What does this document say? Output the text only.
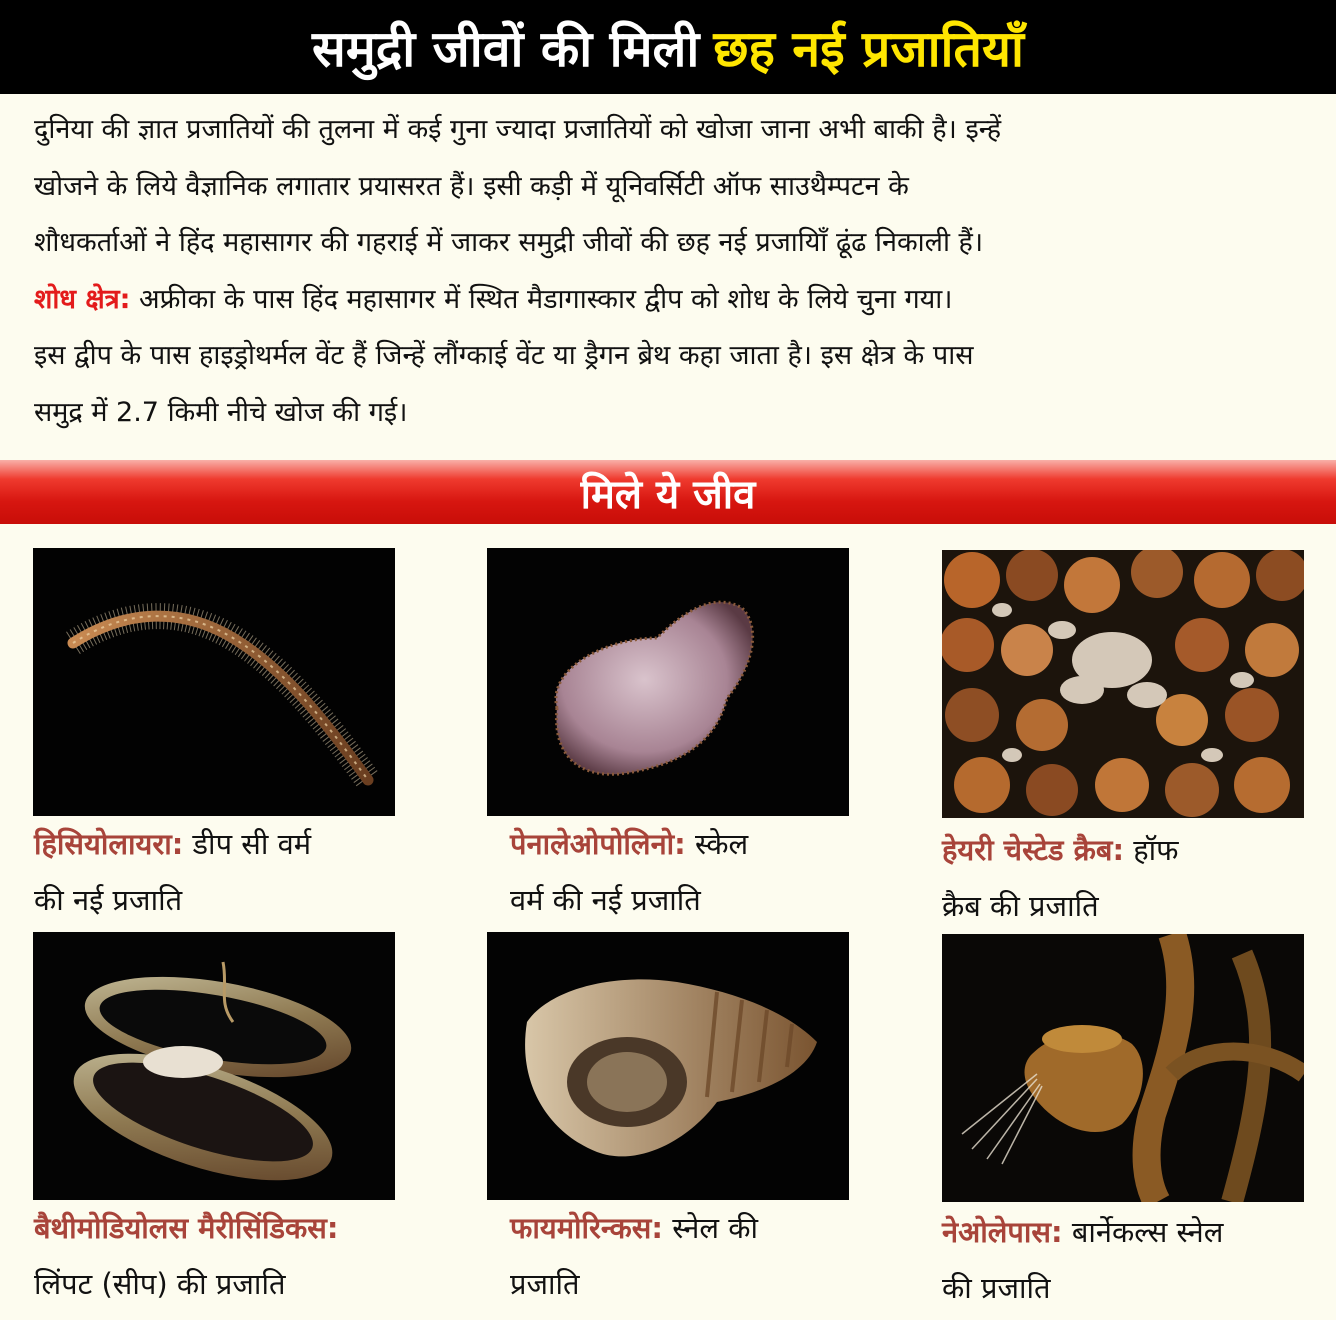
समुद्री जीवों की मिली छह नई प्रजातियाँ
दुनिया की ज्ञात प्रजातियों की तुलना में कई गुना ज्यादा प्रजातियों को खोजा जाना अभी बाकी है। इन्हें
खोजने के लिये वैज्ञानिक लगातार प्रयासरत हैं। इसी कड़ी में यूनिवर्सिटी ऑफ साउथैम्पटन के
शौधकर्ताओं ने हिंद महासागर की गहराई में जाकर समुद्री जीवों की छह नई प्रजायिाँ ढूंढ निकाली हैं।
शोध क्षेत्र: अफ्रीका के पास हिंद महासागर में स्थित मैडागास्कार द्वीप को शोध के लिये चुना गया।
इस द्वीप के पास हाइड्रोथर्मल वेंट हैं जिन्हें लौंग्काई वेंट या ड्रैगन ब्रेथ कहा जाता है। इस क्षेत्र के पास
समुद्र में 2.7 किमी नीचे खोज की गई।
मिले ये जीव
हिसियोलायरा: डीप सी वर्म
की नई प्रजाति
पेनालेओपोलिनो: स्केल
वर्म की नई प्रजाति
हेयरी चेस्टेड क्रैब: हॉफ
क्रैब की प्रजाति
बैथीमोडियोलस मैरीसिंडिकस:
लिंपट (सीप) की प्रजाति
फायमोरिन्कस: स्नेल की
प्रजाति
नेओलेपास: बार्नेकल्स स्नेल
की प्रजाति
